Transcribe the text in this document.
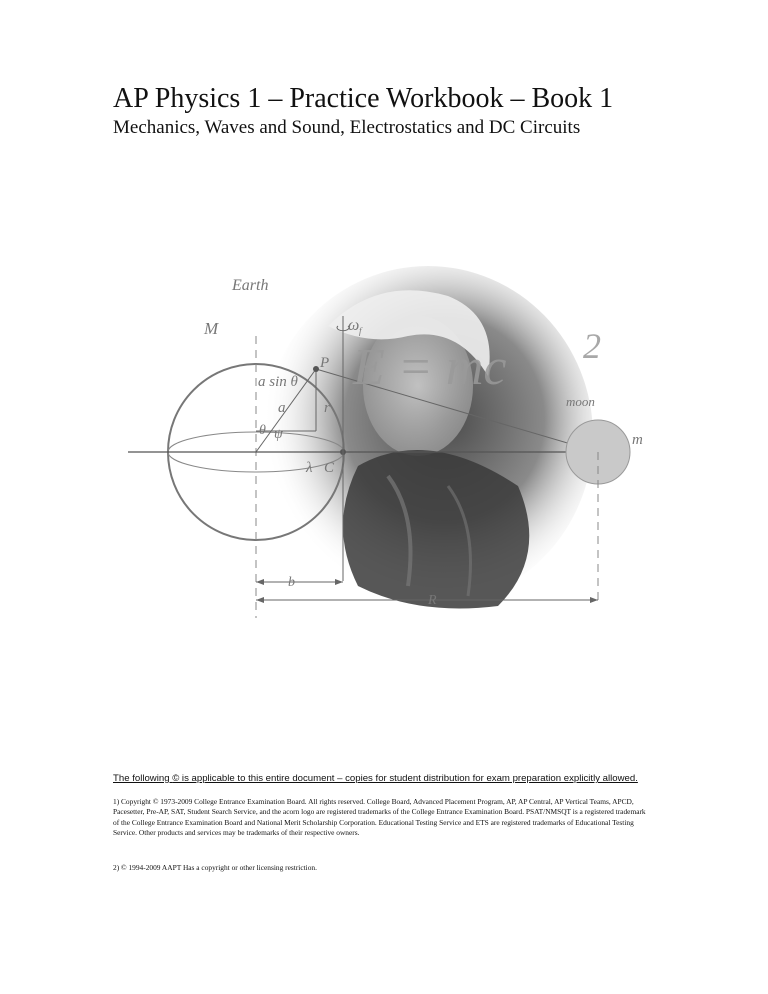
AP Physics 1 – Practice Workbook – Book 1
Mechanics, Waves and Sound, Electrostatics and DC Circuits
Earth
M	ω f
a sin θ
P
a	r
θ ψ
λ C
E = mc 2
moon
m
b
R

The following © is applicable to this entire document – copies for student distribution for exam preparation explicitly allowed.

1) Copyright © 1973-2009 College Entrance Examination Board. All rights reserved. College Board, Advanced Placement Program, AP, AP Central, AP Vertical Teams, APCD, Pacesetter, Pre-AP, SAT, Student Search Service, and the acorn logo are registered trademarks of the College Entrance Examination Board. PSAT/NMSQT is a registered trademark of the College Entrance Examination Board and National Merit Scholarship Corporation. Educational Testing Service and ETS are registered trademarks of Educational Testing Service. Other products and services may be trademarks of their respective owners.

2) © 1994-2009 AAPT Has a copyright or other licensing restriction.
